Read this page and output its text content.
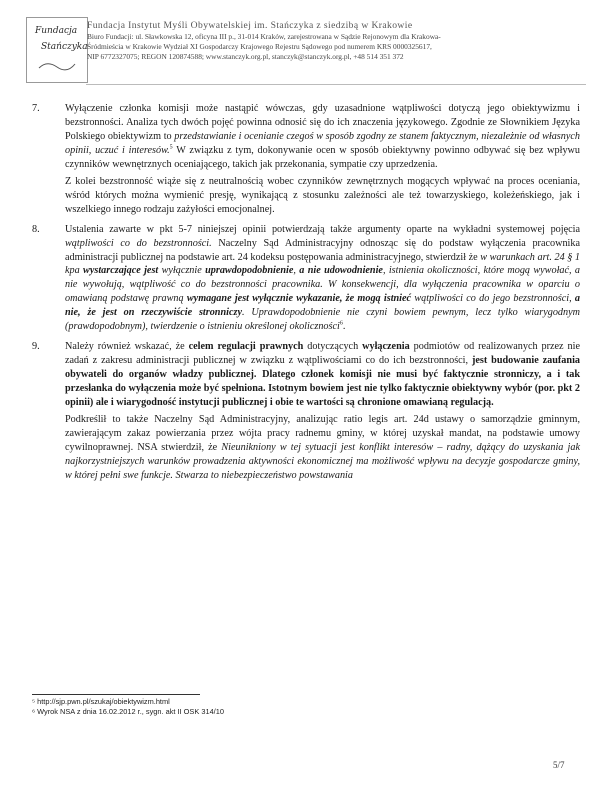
Fundacja
Stańczyka
Fundacja Instytut Myśli Obywatelskiej im. Stańczyka z siedzibą w Krakowie
Biuro Fundacji: ul. Sławkowska 12, oficyna III p., 31-014 Kraków, zarejestrowana w Sądzie Rejonowym dla Krakowa-
Śródmieścia w Krakowie Wydział XI Gospodarczy Krajowego Rejestru Sądowego pod numerem KRS 0000325617,
NIP 6772327075; REGON 120874588; www.stanczyk.org.pl, stanczyk@stanczyk.org.pl, +48 514 351 372
7.	Wyłączenie członka komisji może nastąpić wówczas, gdy uzasadnione wątpliwości dotyczą jego obiektywizmu i bezstronności. Analiza tych dwóch pojęć powinna odnosić się do ich znaczenia językowego. Zgodnie ze Słownikiem Języka Polskiego obiektywizm to przedstawianie i ocenianie czegoś w sposób zgodny ze stanem faktycznym, niezależnie od własnych opinii, uczuć i interesów.$^5$ W związku z tym, dokonywanie ocen w sposób obiektywny powinno odbywać się bez wpływu czynników wewnętrznych oceniającego, takich jak przekonania, sympatie czy uprzedzenia.

Z kolei bezstronność wiąże się z neutralnością wobec czynników zewnętrznych mogących wpływać na proces oceniania, wśród których można wymienić presję, wynikającą z stosunku zależności ale też towarzyskiego, koleżeńskiego, jak i wszelkiego innego rodzaju zażyłości emocjonalnej.

8.	Ustalenia zawarte w pkt 5-7 niniejszej opinii potwierdzają także argumenty oparte na wykładni systemowej pojęcia wątpliwości co do bezstronności. Naczelny Sąd Administracyjny odnosząc się do podstaw wyłączenia pracownika administracji publicznej na podstawie art. 24 kodeksu postępowania administracyjnego, stwierdził że w warunkach art. 24 § 1 kpa wystarczające jest wyłącznie uprawdopodobnienie, a nie udowodnienie, istnienia okoliczności, które mogą wywołać, a nie wywołują, wątpliwość co do bezstronności pracownika. W konsekwencji, dla wyłączenia pracownika w oparciu o omawianą podstawę prawną wymagane jest wyłącznie wykazanie, że mogą istnieć wątpliwości co do jego bezstronności, a nie, że jest on rzeczywiście stronniczy. Uprawdopodobnienie nie czyni bowiem pewnym, lecz tylko wiarygodnym (prawdopodobnym), twierdzenie o istnieniu określonej okoliczności$^6$.

9.	Należy również wskazać, że celem regulacji prawnych dotyczących wyłączenia podmiotów od realizowanych przez nie zadań z zakresu administracji publicznej w związku z wątpliwościami co do ich bezstronności, jest budowanie zaufania obywateli do organów władzy publicznej. Dlatego członek komisji nie musi być faktycznie stronniczy, a i tak przesłanka do wyłączenia może być spełniona. Istotnym bowiem jest nie tylko faktycznie obiektywny wybór (por. pkt 2 opinii) ale i wiarygodność instytucji publicznej i obie te wartości są chronione omawianą regulacją.

Podkreślił to także Naczelny Sąd Administracyjny, analizując ratio legis art. 24d ustawy o samorządzie gminnym, zawierającym zakaz powierzania przez wójta pracy radnemu gminy, w której uzyskał mandat, na podstawie umowy cywilnoprawnej. NSA stwierdził, że Nieunikniony w tej sytuacji jest konflikt interesów – radny, dążący do uzyskania jak najkorzystniejszych warunków prowadzenia aktywności ekonomicznej ma możliwość wpływu na decyzje gospodarcze gminy, w której pełni swe funkcje. Stwarza to niebezpieczeństwo powstawania

⁵ http://sjp.pwn.pl/szukaj/obiektywizm.html
⁶ Wyrok NSA z dnia 16.02.2012 r., sygn. akt II OSK 314/10
5/7
